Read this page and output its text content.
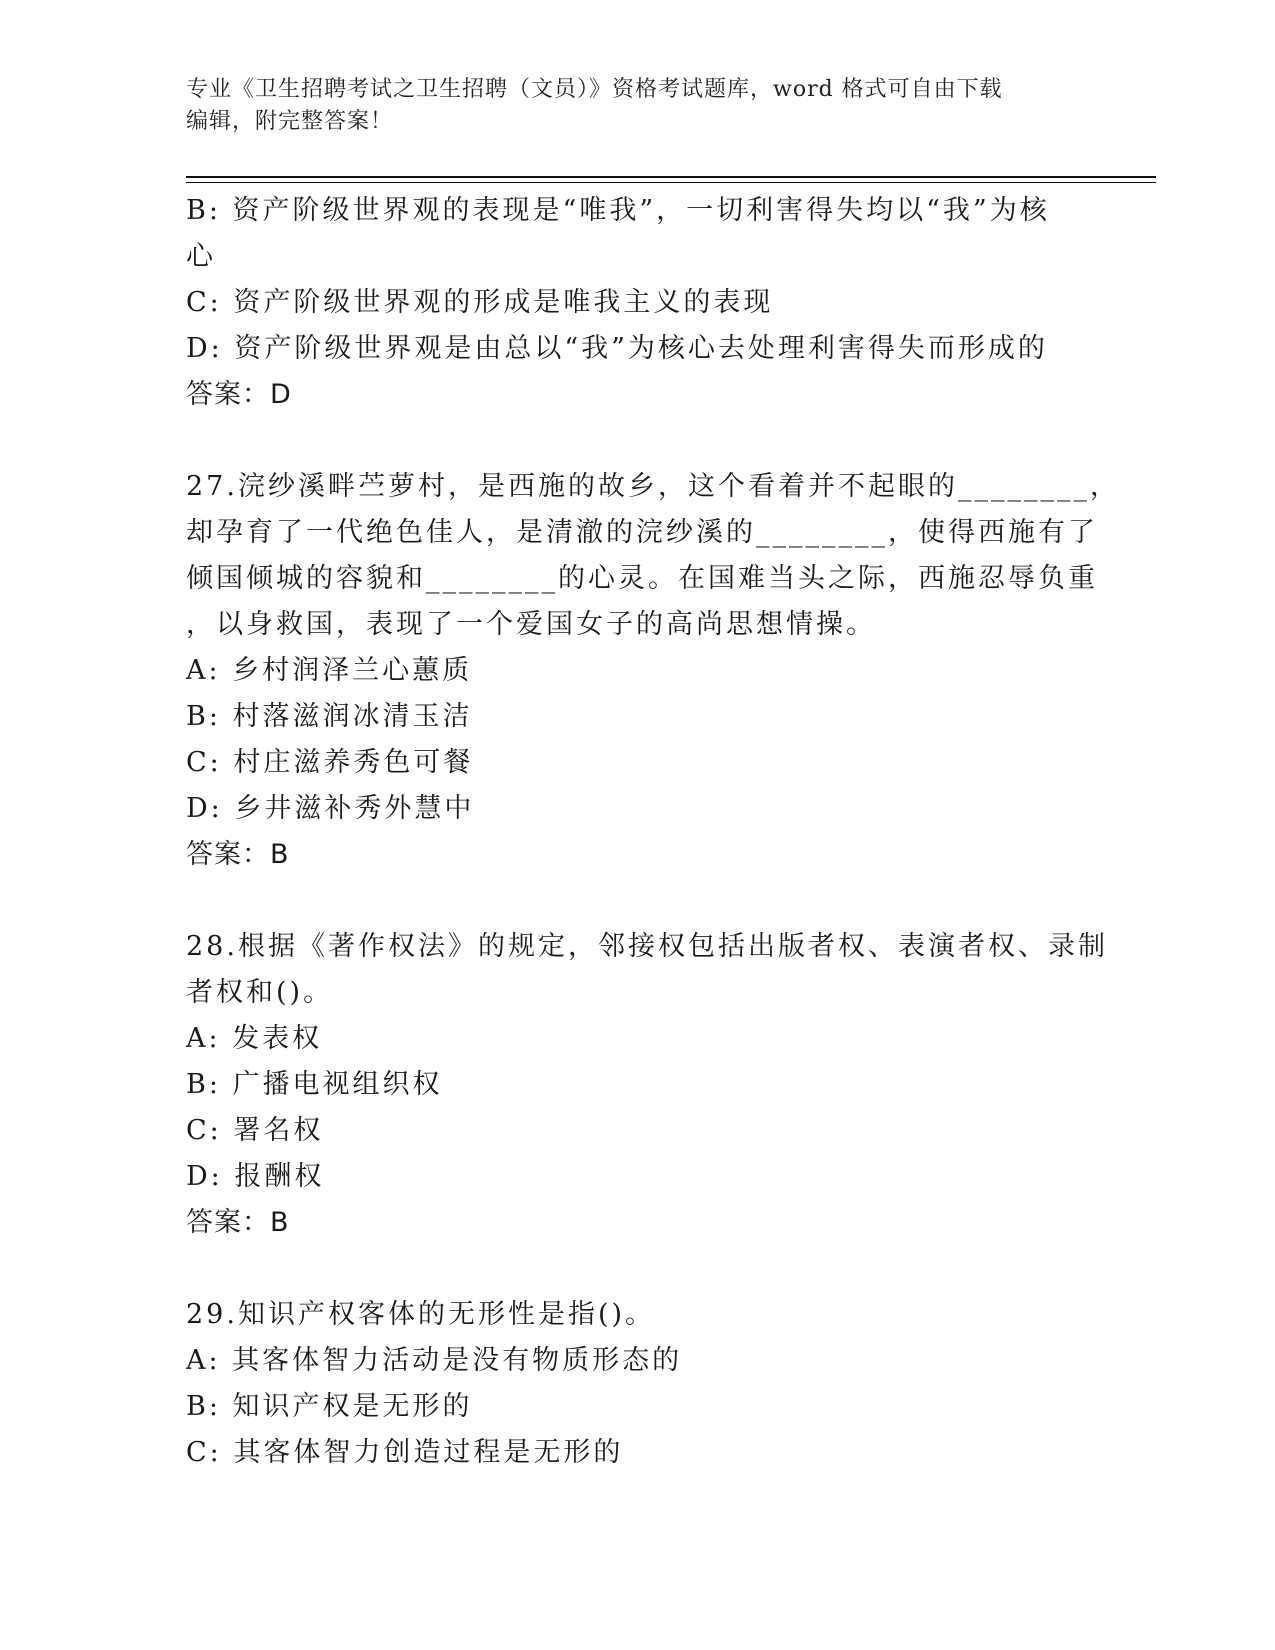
专业《卫生招聘考试之卫生招聘（文员）》资格考试题库，word 格式可自由下载
编辑，附完整答案！
B: 资产阶级世界观的表现是“唯我”，一切利害得失均以“我”为核
心
C: 资产阶级世界观的形成是唯我主义的表现
D: 资产阶级世界观是由总以“我”为核心去处理利害得失而形成的
答案：D
27.浣纱溪畔苎萝村，是西施的故乡，这个看着并不起眼的________，
却孕育了一代绝色佳人，是清澈的浣纱溪的________，使得西施有了
倾国倾城的容貌和________的心灵。在国难当头之际，西施忍辱负重
，以身救国，表现了一个爱国女子的高尚思想情操。
A: 乡村润泽兰心蕙质
B: 村落滋润冰清玉洁
C: 村庄滋养秀色可餐
D: 乡井滋补秀外慧中
答案：B
28.根据《著作权法》的规定，邻接权包括出版者权、表演者权、录制
者权和()。
A: 发表权
B: 广播电视组织权
C: 署名权
D: 报酬权
答案：B
29.知识产权客体的无形性是指()。
A: 其客体智力活动是没有物质形态的
B: 知识产权是无形的
C: 其客体智力创造过程是无形的
